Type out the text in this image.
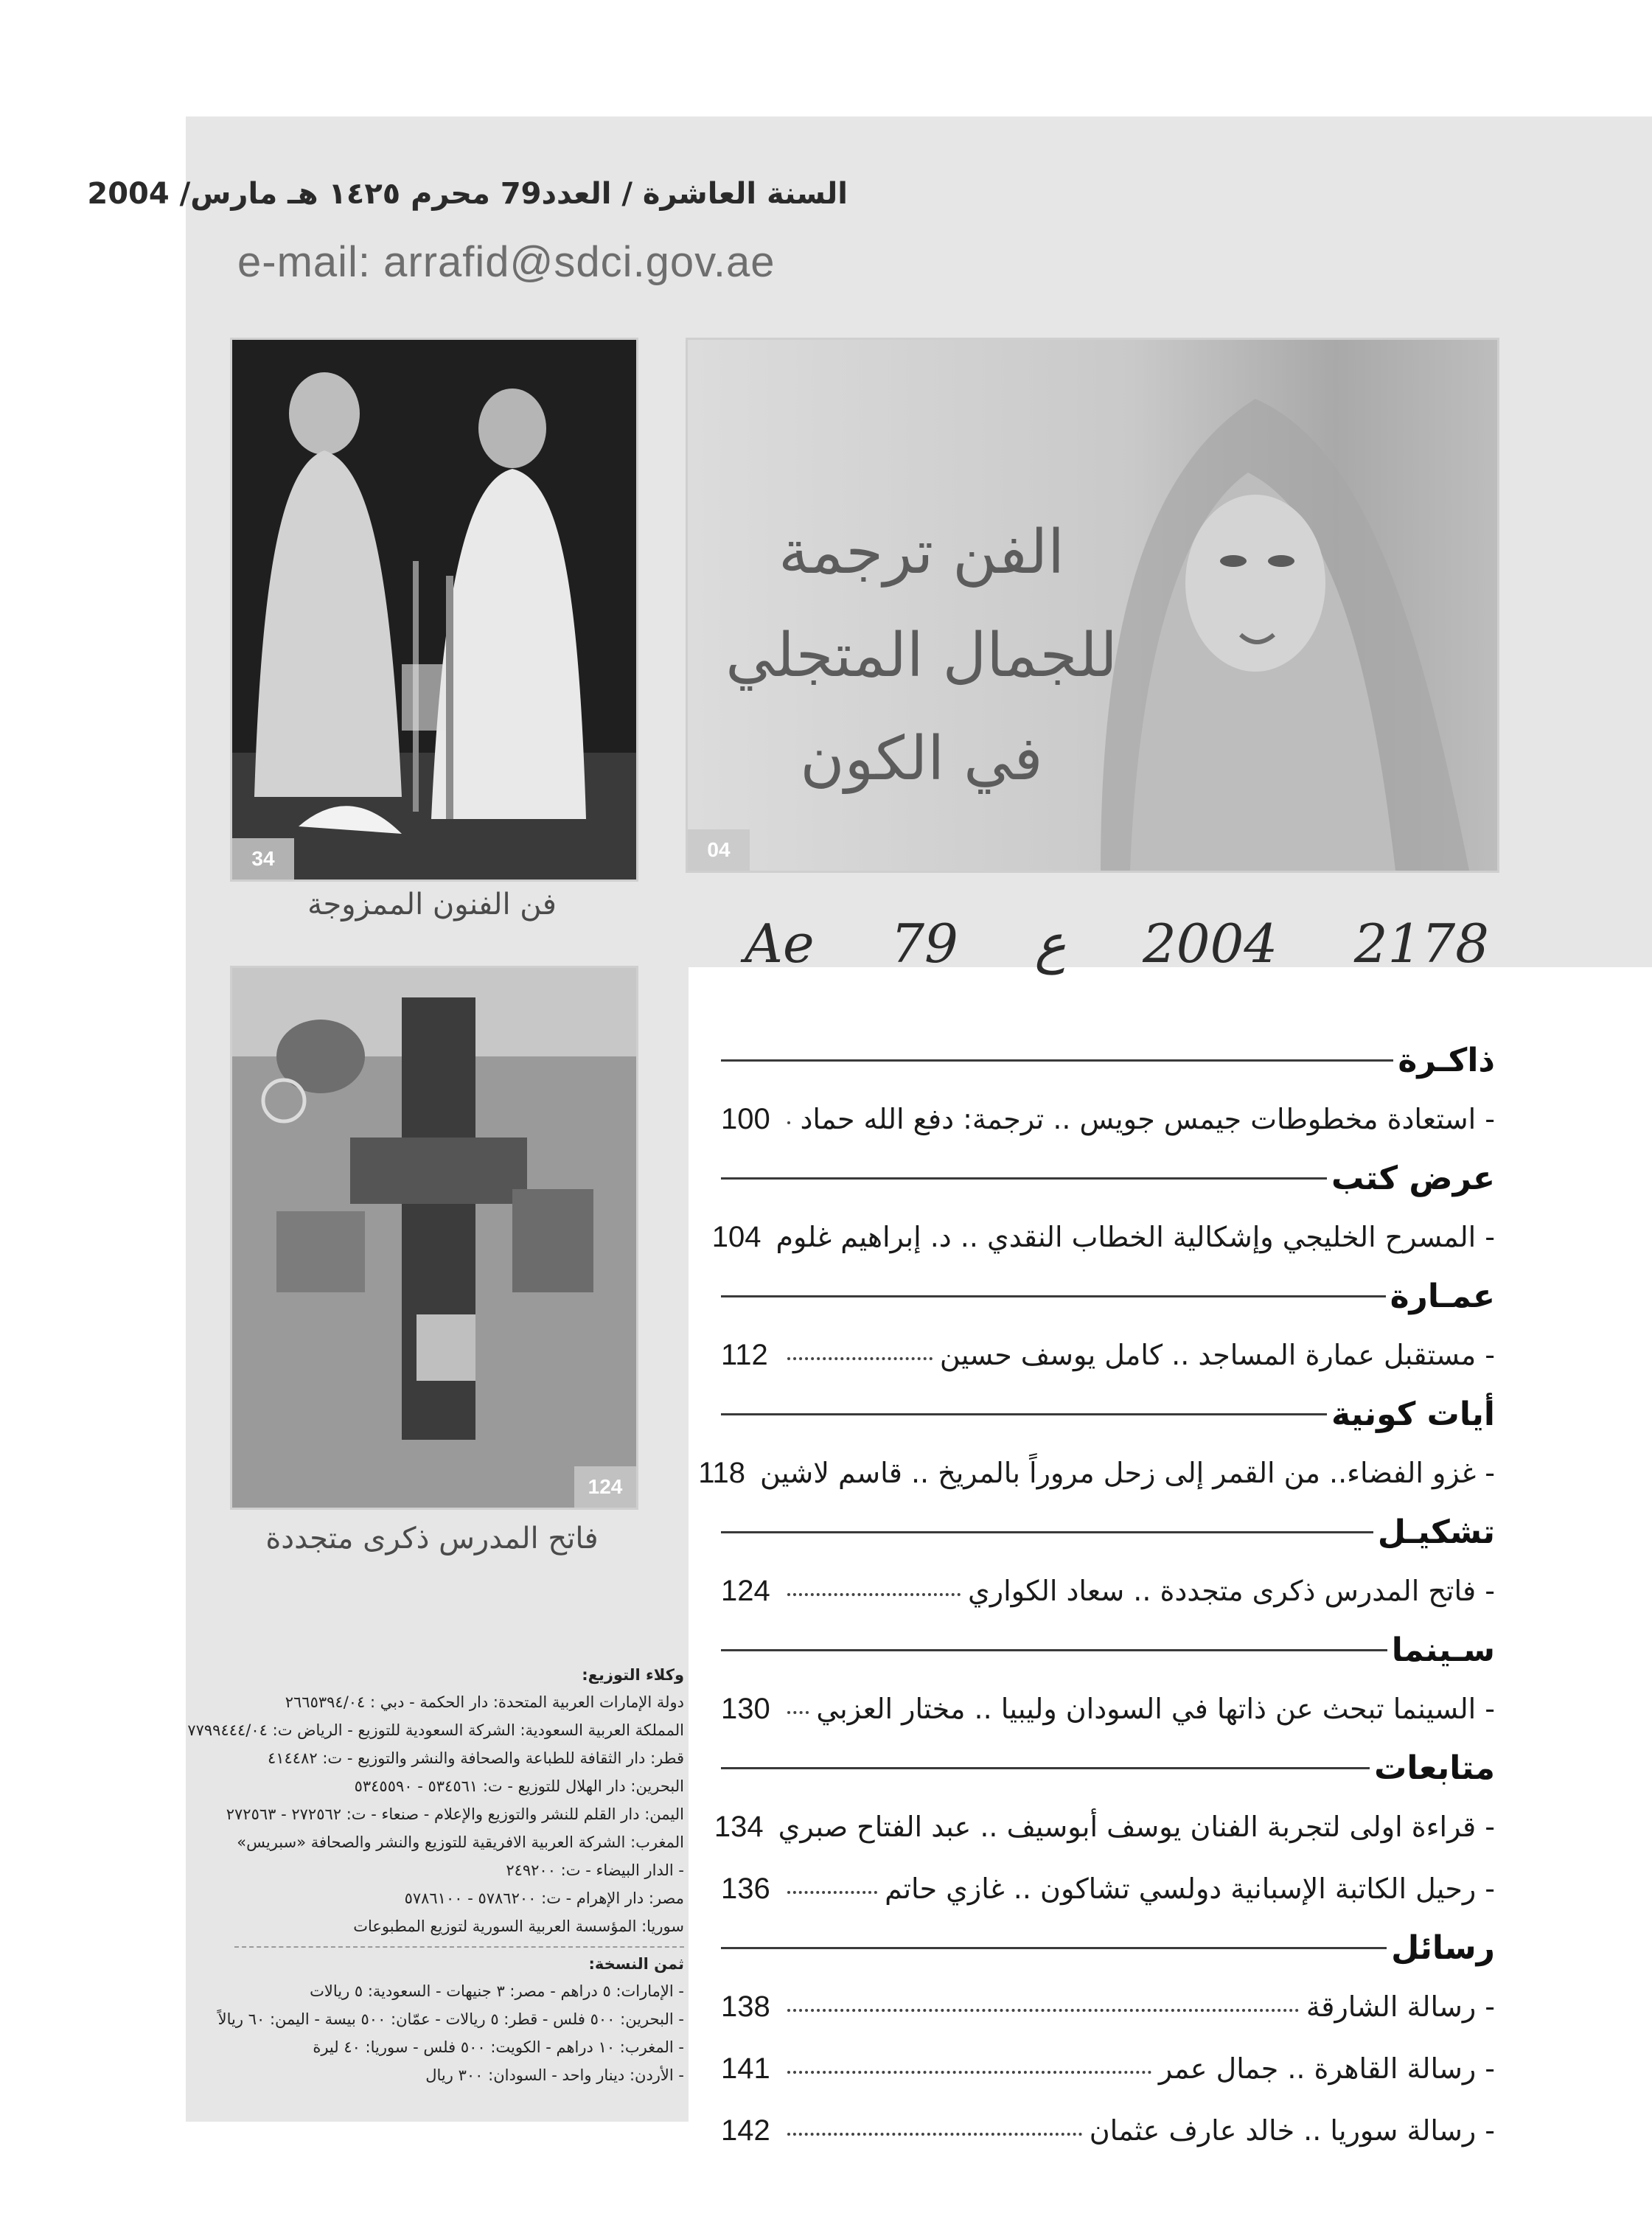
السنة العاشرة / العدد79 محرم ١٤٢٥ هـ مارس/ 2004
e-mail: arrafid@sdci.gov.ae
34
فن الفنون الممزوجة
04
الفن ترجمة
للجمال المتجلي
في الكون
124
فاتح المدرس ذكرى متجددة
Ae 79 ع 2004 2178
ذاكـرة
- استعادة مخطوطات جيمس جويس .. ترجمة: دفع الله حماد
100
عرض كتب
- المسرح الخليجي وإشكالية الخطاب النقدي .. د. إبراهيم غلوم
104
عمـارة
- مستقبل عمارة المساجد .. كامل يوسف حسين
112
أيات كونية
- غزو الفضاء.. من القمر إلى زحل مروراً بالمريخ .. قاسم لاشين
118
تشكيـل
- فاتح المدرس ذكرى متجددة .. سعاد الكواري
124
سـينما
- السينما تبحث عن ذاتها في السودان وليبيا .. مختار العزبي
130
متابعات
- قراءة اولى لتجربة الفنان يوسف أبوسيف .. عبد الفتاح صبري
134
- رحيل الكاتبة الإسبانية دولسي تشاكون .. غازي حاتم
136
رسائل
- رسالة الشارقة
138
- رسالة القاهرة .. جمال عمر
141
- رسالة سوريا .. خالد عارف عثمان
142
وكلاء التوزيع:
دولة الإمارات العربية المتحدة: دار الحكمة - دبي : ٢٦٦٥٣٩٤/٠٤
المملكة العربية السعودية: الشركة السعودية للتوزيع - الرياض ت: ٧٧٩٩٤٤٤/٠٤
قطر: دار الثقافة للطباعة والصحافة والنشر والتوزيع - ت: ٤١٤٤٨٢
البحرين: دار الهلال للتوزيع - ت: ٥٣٤٥٦١ - ٥٣٤٥٥٩٠
اليمن: دار القلم للنشر والتوزيع والإعلام - صنعاء - ت: ٢٧٢٥٦٢ - ٢٧٢٥٦٣
المغرب: الشركة العربية الافريقية للتوزيع والنشر والصحافة «سبريس» - الدار البيضاء - ت: ٢٤٩٢٠٠
مصر: دار الإهرام - ت: ٥٧٨٦٢٠٠ - ٥٧٨٦١٠٠
سوريا: المؤسسة العربية السورية لتوزيع المطبوعات
ثمن النسخة:
- الإمارات: ٥ دراهم - مصر: ٣ جنيهات - السعودية: ٥ ريالات
- البحرين: ٥٠٠ فلس - قطر: ٥ ريالات - عمّان: ٥٠٠ بيسة - اليمن: ٦٠ ريالاً
- المغرب: ١٠ دراهم - الكويت: ٥٠٠ فلس - سوريا: ٤٠ ليرة
- الأردن: دينار واحد - السودان: ٣٠٠ ريال
